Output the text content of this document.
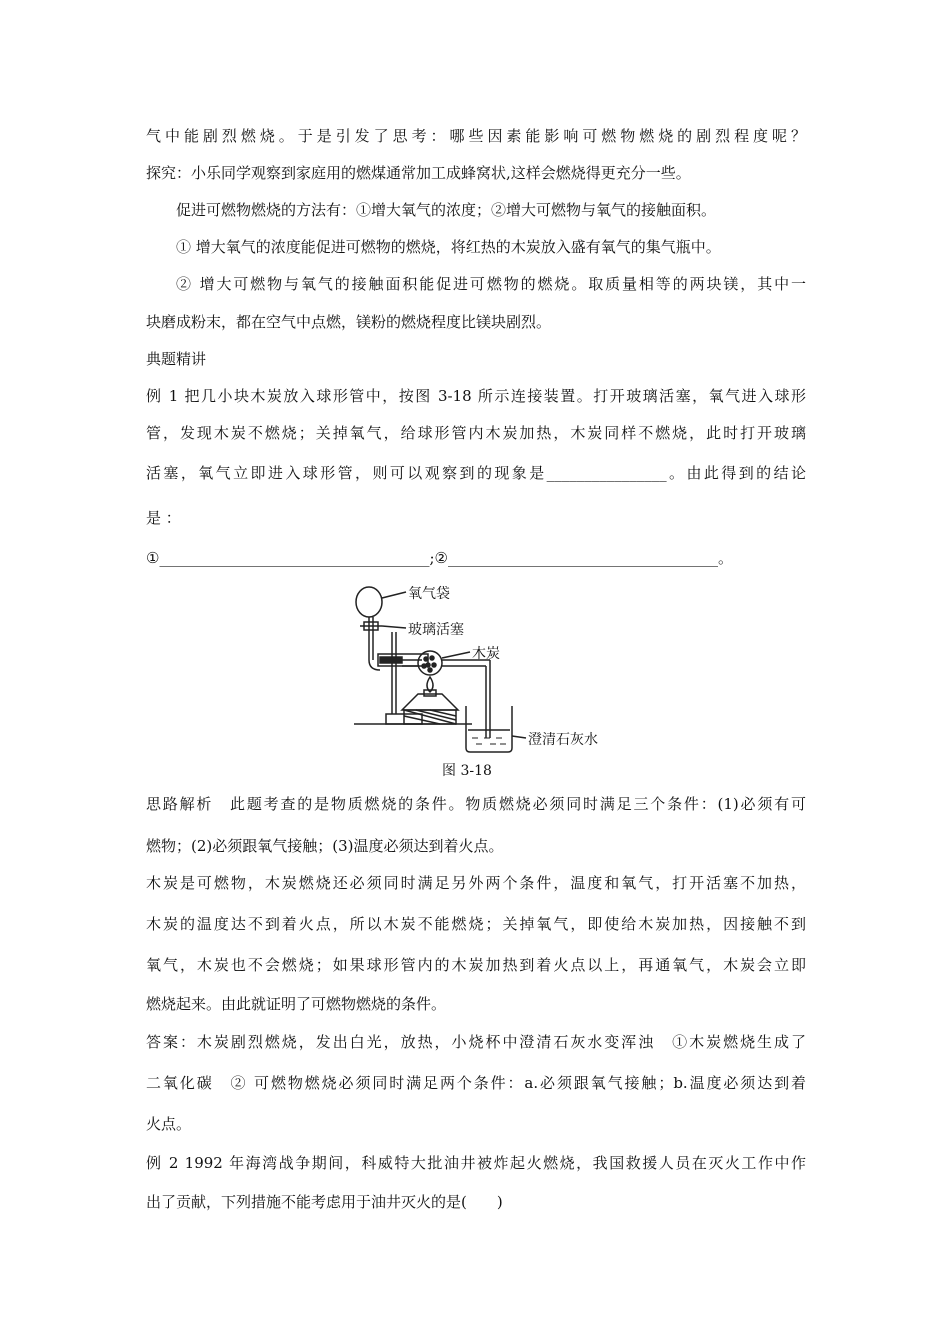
气中能剧烈燃烧。于是引发了思考：哪些因素能影响可燃物燃烧的剧烈程度呢？
探究：小乐同学观察到家庭用的燃煤通常加工成蜂窝状,这样会燃烧得更充分一些。
促进可燃物燃烧的方法有：①增大氧气的浓度；②增大可燃物与氧气的接触面积。
① 增大氧气的浓度能促进可燃物的燃烧，将红热的木炭放入盛有氧气的集气瓶中。
② 增大可燃物与氧气的接触面积能促进可燃物的燃烧。取质量相等的两块镁，其中一
块磨成粉末，都在空气中点燃，镁粉的燃烧程度比镁块剧烈。
典题精讲
例 1 把几小块木炭放入球形管中，按图 3-18 所示连接装置。打开玻璃活塞，氧气进入球形
管，发现木炭不燃烧；关掉氧气，给球形管内木炭加热，木炭同样不燃烧，此时打开玻璃
活塞，氧气立即进入球形管，则可以观察到的现象是________________。由此得到的结论
是 ：
①____________________________________;②____________________________________。
氧气袋
玻璃活塞
木炭
澄清石灰水
图 3-18
思路解析　此题考查的是物质燃烧的条件。物质燃烧必须同时满足三个条件：(1)必须有可
燃物；(2)必须跟氧气接触；(3)温度必须达到着火点。
木炭是可燃物，木炭燃烧还必须同时满足另外两个条件，温度和氧气，打开活塞不加热，
木炭的温度达不到着火点，所以木炭不能燃烧；关掉氧气，即使给木炭加热，因接触不到
氧气，木炭也不会燃烧；如果球形管内的木炭加热到着火点以上，再通氧气，木炭会立即
燃烧起来。由此就证明了可燃物燃烧的条件。
答案：木炭剧烈燃烧，发出白光，放热，小烧杯中澄清石灰水变浑浊　①木炭燃烧生成了
二氧化碳　② 可燃物燃烧必须同时满足两个条件：a.必须跟氧气接触；b.温度必须达到着
火点。
例 2 1992 年海湾战争期间，科威特大批油井被炸起火燃烧，我国救援人员在灭火工作中作
出了贡献，下列措施不能考虑用于油井灭火的是(　　)
